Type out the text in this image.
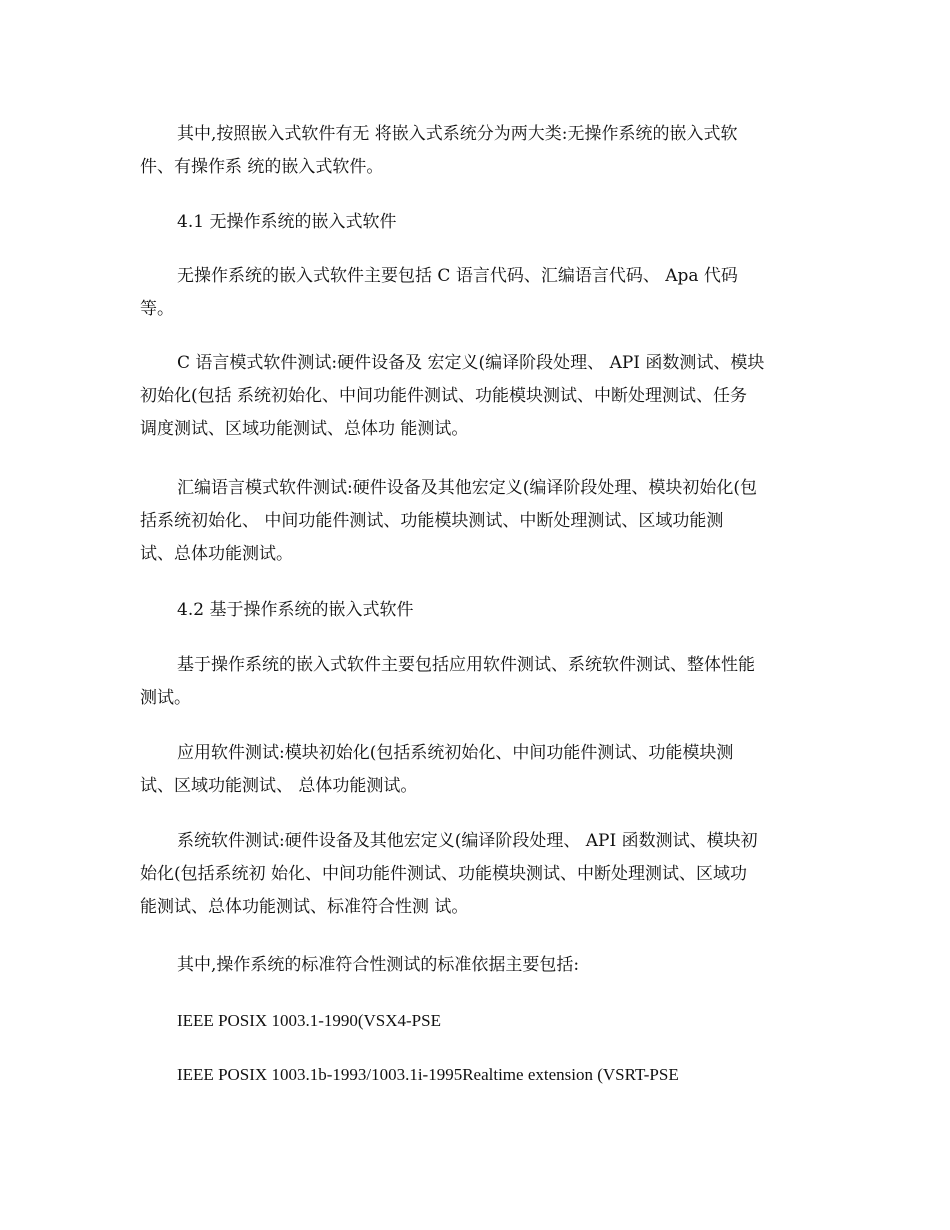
其中,按照嵌入式软件有无 将嵌入式系统分为两大类:无操作系统的嵌入式软
件、有操作系 统的嵌入式软件。

4.1 无操作系统的嵌入式软件

无操作系统的嵌入式软件主要包括 C 语言代码、汇编语言代码、 Apa 代码
等。
C 语言模式软件测试:硬件设备及 宏定义(编译阶段处理、 API 函数测试、模块
初始化(包括 系统初始化、中间功能件测试、功能模块测试、中断处理测试、任务
调度测试、区域功能测试、总体功 能测试。
汇编语言模式软件测试:硬件设备及其他宏定义(编译阶段处理、模块初始化(包
括系统初始化、 中间功能件测试、功能模块测试、中断处理测试、区域功能测
试、总体功能测试。

4.2 基于操作系统的嵌入式软件

基于操作系统的嵌入式软件主要包括应用软件测试、系统软件测试、整体性能
测试。
应用软件测试:模块初始化(包括系统初始化、中间功能件测试、功能模块测
试、区域功能测试、 总体功能测试。
系统软件测试:硬件设备及其他宏定义(编译阶段处理、 API 函数测试、模块初
始化(包括系统初 始化、中间功能件测试、功能模块测试、中断处理测试、区域功
能测试、总体功能测试、标准符合性测 试。
其中,操作系统的标准符合性测试的标准依据主要包括:

IEEE POSIX 1003.1-1990(VSX4-PSE

IEEE POSIX 1003.1b-1993/1003.1i-1995Realtime extension (VSRT-PSE
